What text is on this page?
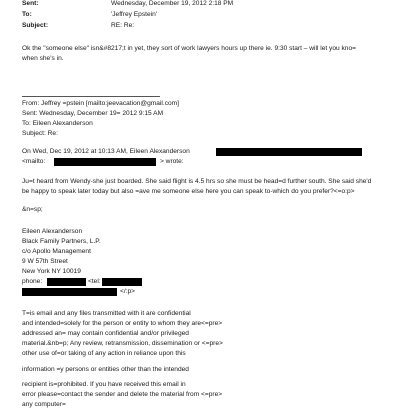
Sent:	Wednesday, December 19, 2012 2:18 PM
To:	'Jeffrey Epstein'
Subject:	RE: Re:
Ok the "someone else" isn&#8217;t in yet, they sort of work lawyers hours up there ie. 9:30 start – will let you kno=
when she's in.
From: Jeffrey =pstein [mailto:jeevacation@gmail.com]
Sent: Wednesday, December 19= 2012 9:15 AM
To: Eileen Alexanderson
Subject: Re:
On Wed, Dec 19, 2012 at 10:13 AM, Eileen Alexanderson
<mailto:	> wrote:
Ju=t heard from Wendy-she just boarded. She said flight is 4.5 hrs so she must be head=d further south. She said she'd
be happy to speak later today but also =ave me someone else here you can speak to-which do you prefer?<=o:p>
&n=sp;
Eileen Alexanderson
Black Family Partners, L.P.
c/o Apollo Management
9 W 57th Street
New York NY 10019
phone:	<tel:
</:p>
T=is email and any files transmitted with it are confidential
and intended=solely for the person or entity to whom they are<=pre>
addressed an= may contain confidential and/or privileged
material.&nb=p; Any review, retransmission, dissemination or <=pre>
other use of=or taking of any action in reliance upon this
information =y persons or entities other than the intended
recipient is=prohibited. If you have received this email in
error please=contact the sender and delete the material from <=pre>
any computer=
